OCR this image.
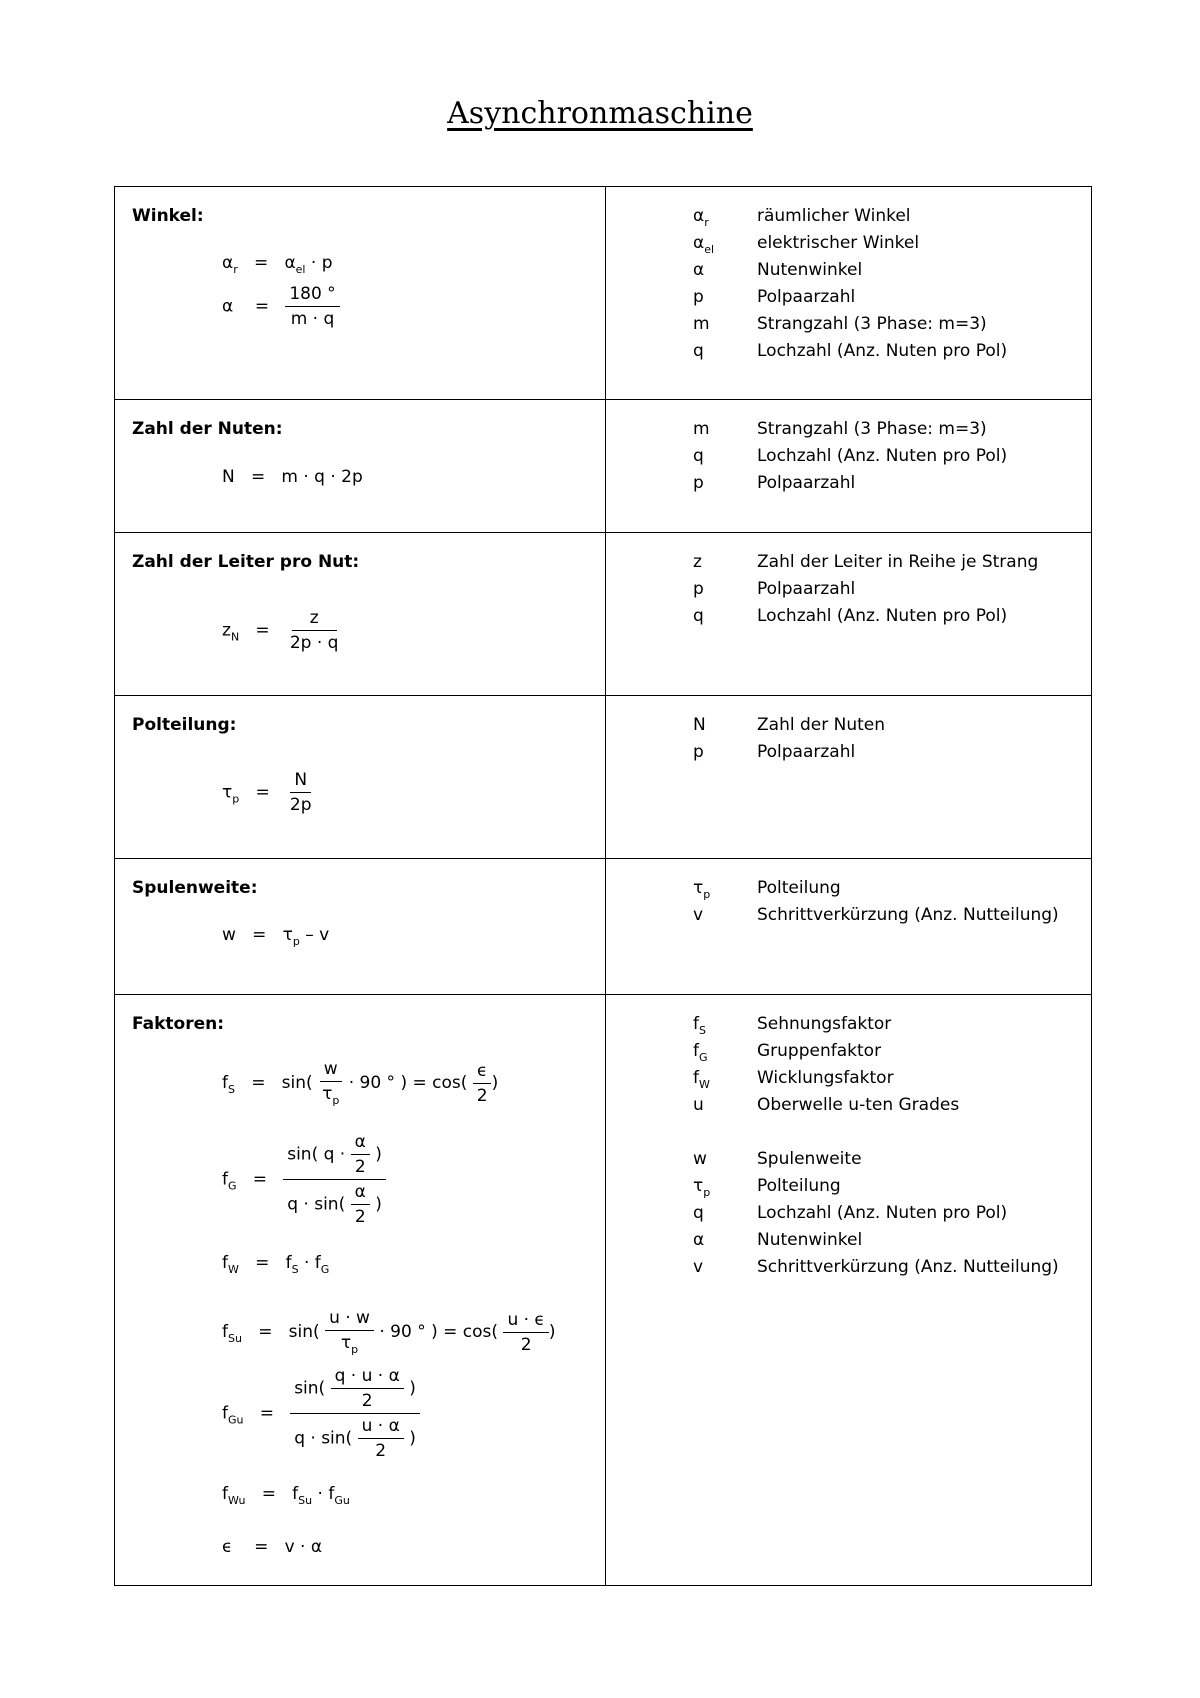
Asynchronmaschine
Winkel:
$\alpha_r = \alpha_{el} \cdot p$
$\alpha = \frac{180 ^\circ}{m \cdot q}$
$\alpha_r$	räumlicher Winkel
$\alpha_{el}$	elektrischer Winkel
α	Nutenwinkel
p	Polpaarzahl
m	Strangzahl (3 Phase: m=3)
q	Lochzahl (Anz. Nuten pro Pol)
Zahl der Nuten:
N = m · q · 2p
m	Strangzahl (3 Phase: m=3)
q	Lochzahl (Anz. Nuten pro Pol)
p	Polpaarzahl
Zahl der Leiter pro Nut:
$z_N = \frac{z}{2p \cdot q}$
z	Zahl der Leiter in Reihe je Strang
p	Polpaarzahl
q	Lochzahl (Anz. Nuten pro Pol)
Polteilung:
$\tau_p = \frac{N}{2p}$
N	Zahl der Nuten
p	Polpaarzahl
Spulenweite:
$w = \tau_p - v$
$\tau_p$	Polteilung
v	Schrittverkürzung (Anz. Nutteilung)
Faktoren:
$f_S = \sin( \frac{w}{\tau_p} \cdot 90$ ° ) = $\cos( \frac{\epsilon}{2}$ )
$f_G = \frac{\sin( q \cdot \frac{\alpha}{2} )}{q \cdot \sin( \frac{\alpha}{2} )}$
$f_W = f_S \cdot f_G$
$f_{Su} = \sin( \frac{u \cdot w}{\tau_p} \cdot 90$ ° ) = $\cos( \frac{u \cdot \epsilon}{2}$ )
$f_{Gu} = \frac{\sin( \frac{q \cdot u \cdot \alpha}{2} )}{q \cdot \sin( \frac{u \cdot \alpha}{2} )}$
$f_{Wu} = f_{Su} \cdot f_{Gu}$
ϵ = v · α
$f_S$	Sehnungsfaktor
$f_G$	Gruppenfaktor
$f_W$	Wicklungsfaktor
u	Oberwelle u-ten Grades
w	Spulenweite
$\tau_p$	Polteilung
q	Lochzahl (Anz. Nuten pro Pol)
α	Nutenwinkel
v	Schrittverkürzung (Anz. Nutteilung)
